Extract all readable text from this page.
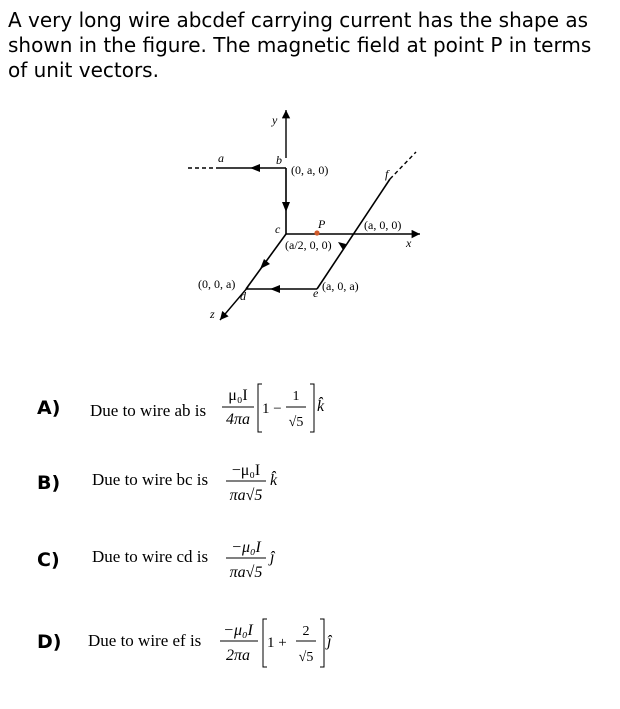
A very long wire abcdef carrying current has the shape as shown in the figure. The magnetic field at point P in terms of unit vectors.

y
x
z
a	b
c
d	e
f
P
(0, a, 0)
(a, 0, 0)
(a/2, 0, 0)
(0, 0, a)	(a, 0, a)
A) Due to wire ab is
μ₀I
4πa
1 −
1
√5
k̂
B) Due to wire bc is −μ₀I
πa√5
k̂
C) Due to wire cd is −μ₀I
πa√5
ĵ
D) Due to wire ef is
−μ₀I
2πa
1 +
2
√5
ĵ
